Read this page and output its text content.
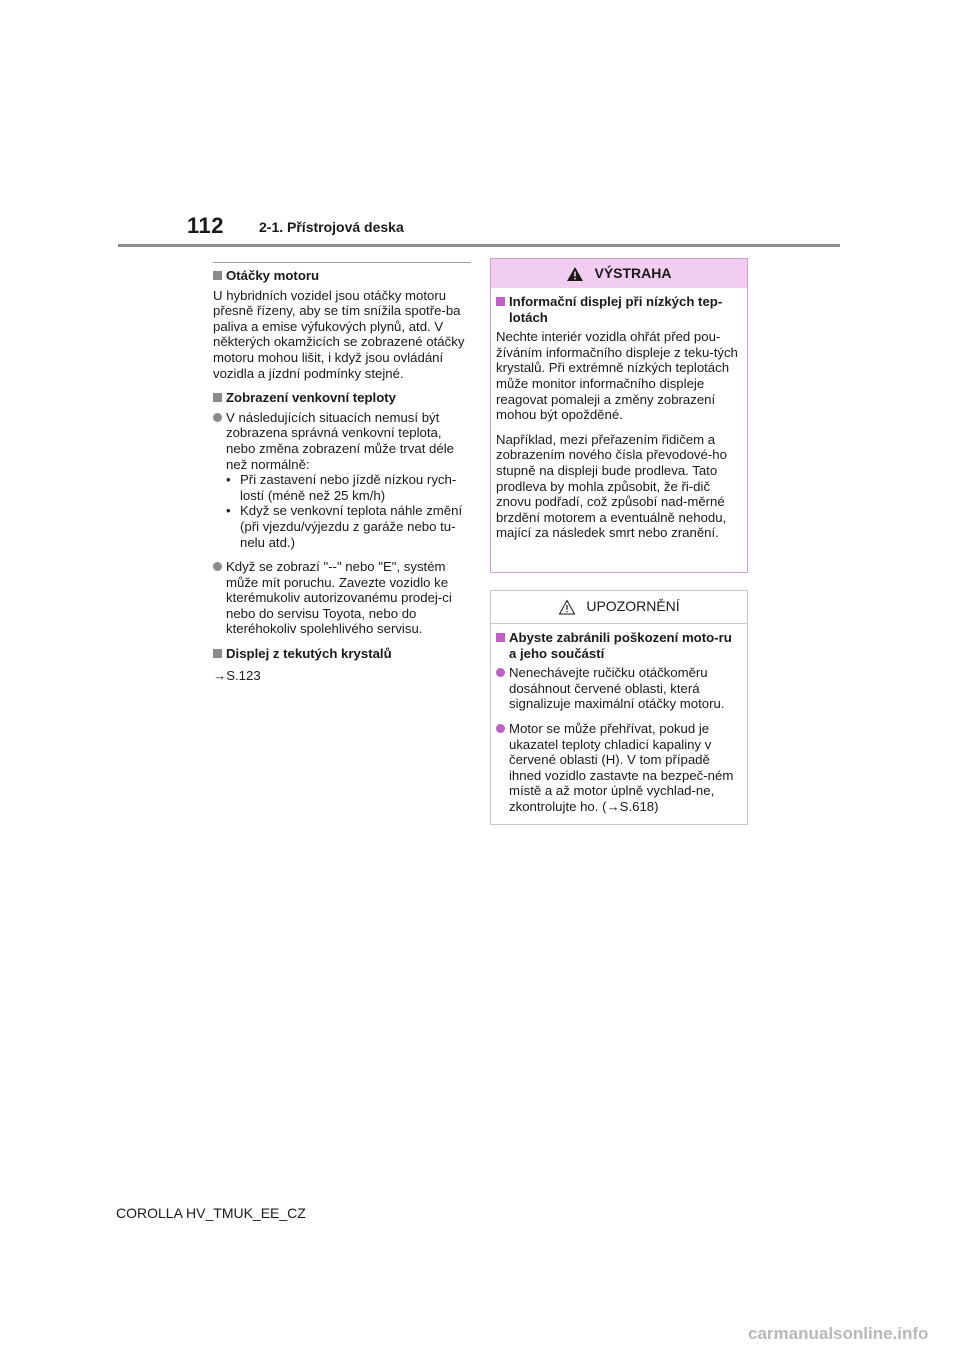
112	2-1. Přístrojová deska
Otáčky motoru

U hybridních vozidel jsou otáčky motoru přesně řízeny, aby se tím snížila spotře-ba paliva a emise výfukových plynů, atd. V některých okamžicích se zobrazené otáčky motoru mohou lišit, i když jsou ovládání vozidla a jízdní podmínky stejné.

Zobrazení venkovní teploty
V následujících situacích nemusí být zobrazena správná venkovní teplota, nebo změna zobrazení může trvat déle než normálně:
• Při zastavení nebo jízdě nízkou rych-lostí (méně než 25 km/h)
• Když se venkovní teplota náhle změní (při vjezdu/výjezdu z garáže nebo tu-nelu atd.)
Když se zobrazí "--" nebo "E", systém může mít poruchu. Zavezte vozidlo ke kterémukoliv autorizovanému prodej-ci nebo do servisu Toyota, nebo do kteréhokoliv spolehlivého servisu.
Displej z tekutých krystalů
→S.123
VÝSTRAHA
Informační displej při nízkých tep-lotách

Nechte interiér vozidla ohřát před pou-žíváním informačního displeje z teku-tých krystalů. Při extrémně nízkých teplotách může monitor informačního displeje reagovat pomaleji a změny zobrazení mohou být opožděné.

Například, mezi přeřazením řidičem a zobrazením nového čísla převodové-ho stupně na displeji bude prodleva. Tato prodleva by mohla způsobit, že ři-dič znovu podřadí, což způsobí nad-měrné brzdění motorem a eventuálně nehodu, mající za následek smrt nebo zranění.

UPOZORNĚNÍ
Abyste zabránili poškození moto-ru a jeho součástí
Nenechávejte ručičku otáčkoměru dosáhnout červené oblasti, která signalizuje maximální otáčky motoru.
Motor se může přehřívat, pokud je ukazatel teploty chladicí kapaliny v červené oblasti (H). V tom případě ihned vozidlo zastavte na bezpeč-ném místě a až motor úplně vychlad-ne, zkontrolujte ho. (→S.618)
COROLLA HV_TMUK_EE_CZ
carmanualsonline.info
